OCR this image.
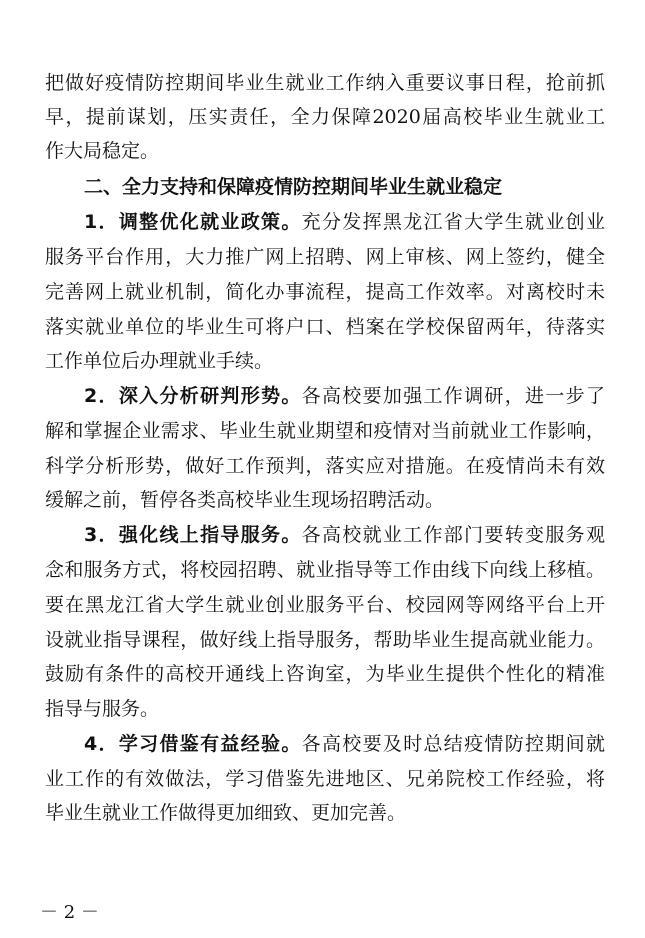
把做好疫情防控期间毕业生就业工作纳入重要议事日程，抢前抓
早，提前谋划，压实责任，全力保障2020届高校毕业生就业工
作大局稳定。
二、全力支持和保障疫情防控期间毕业生就业稳定
1．调整优化就业政策。充分发挥黑龙江省大学生就业创业
服务平台作用，大力推广网上招聘、网上审核、网上签约，健全
完善网上就业机制，简化办事流程，提高工作效率。对离校时未
落实就业单位的毕业生可将户口、档案在学校保留两年，待落实
工作单位后办理就业手续。
2．深入分析研判形势。各高校要加强工作调研，进一步了
解和掌握企业需求、毕业生就业期望和疫情对当前就业工作影响，
科学分析形势，做好工作预判，落实应对措施。在疫情尚未有效
缓解之前，暂停各类高校毕业生现场招聘活动。
3．强化线上指导服务。各高校就业工作部门要转变服务观
念和服务方式，将校园招聘、就业指导等工作由线下向线上移植。
要在黑龙江省大学生就业创业服务平台、校园网等网络平台上开
设就业指导课程，做好线上指导服务，帮助毕业生提高就业能力。
鼓励有条件的高校开通线上咨询室，为毕业生提供个性化的精准
指导与服务。
4．学习借鉴有益经验。各高校要及时总结疫情防控期间就
业工作的有效做法，学习借鉴先进地区、兄弟院校工作经验，将
毕业生就业工作做得更加细致、更加完善。
－ 2 －
